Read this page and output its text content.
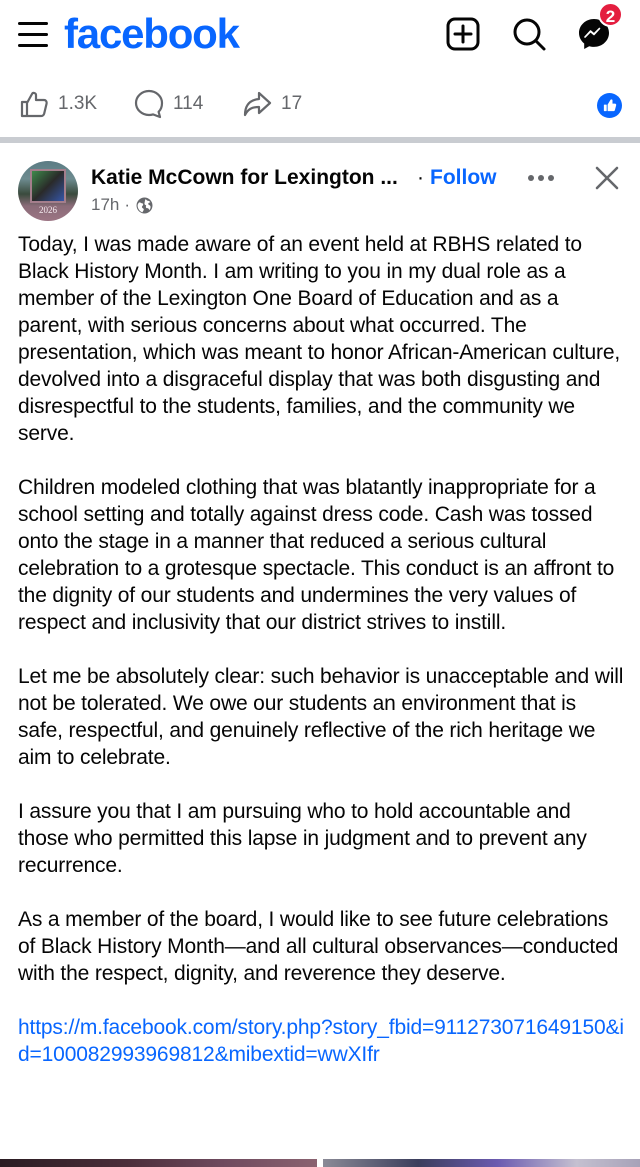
facebook	2
1.3K	114	17
2026
Katie McCown for Lexington ... · Follow
17h ·

Today, I was made aware of an event held at RBHS related to Black History Month. I am writing to you in my dual role as a member of the Lexington One Board of Education and as a parent, with serious concerns about what occurred. The presentation, which was meant to honor African-American culture, devolved into a disgraceful display that was both disgusting and disrespectful to the students, families, and the community we serve.

Children modeled clothing that was blatantly inappropriate for a school setting and totally against dress code. Cash was tossed onto the stage in a manner that reduced a serious cultural celebration to a grotesque spectacle. This conduct is an affront to the dignity of our students and undermines the very values of respect and inclusivity that our district strives to instill.

Let me be absolutely clear: such behavior is unacceptable and will not be tolerated. We owe our students an environment that is safe, respectful, and genuinely reflective of the rich heritage we aim to celebrate.

I assure you that I am pursuing who to hold accountable and those who permitted this lapse in judgment and to prevent any recurrence.

As a member of the board, I would like to see future celebrations of Black History Month—and all cultural observances—conducted with the respect, dignity, and reverence they deserve.

https://m.facebook.com/story.php?story_fbid=911273071649150&id=100082993969812&mibextid=wwXIfr
